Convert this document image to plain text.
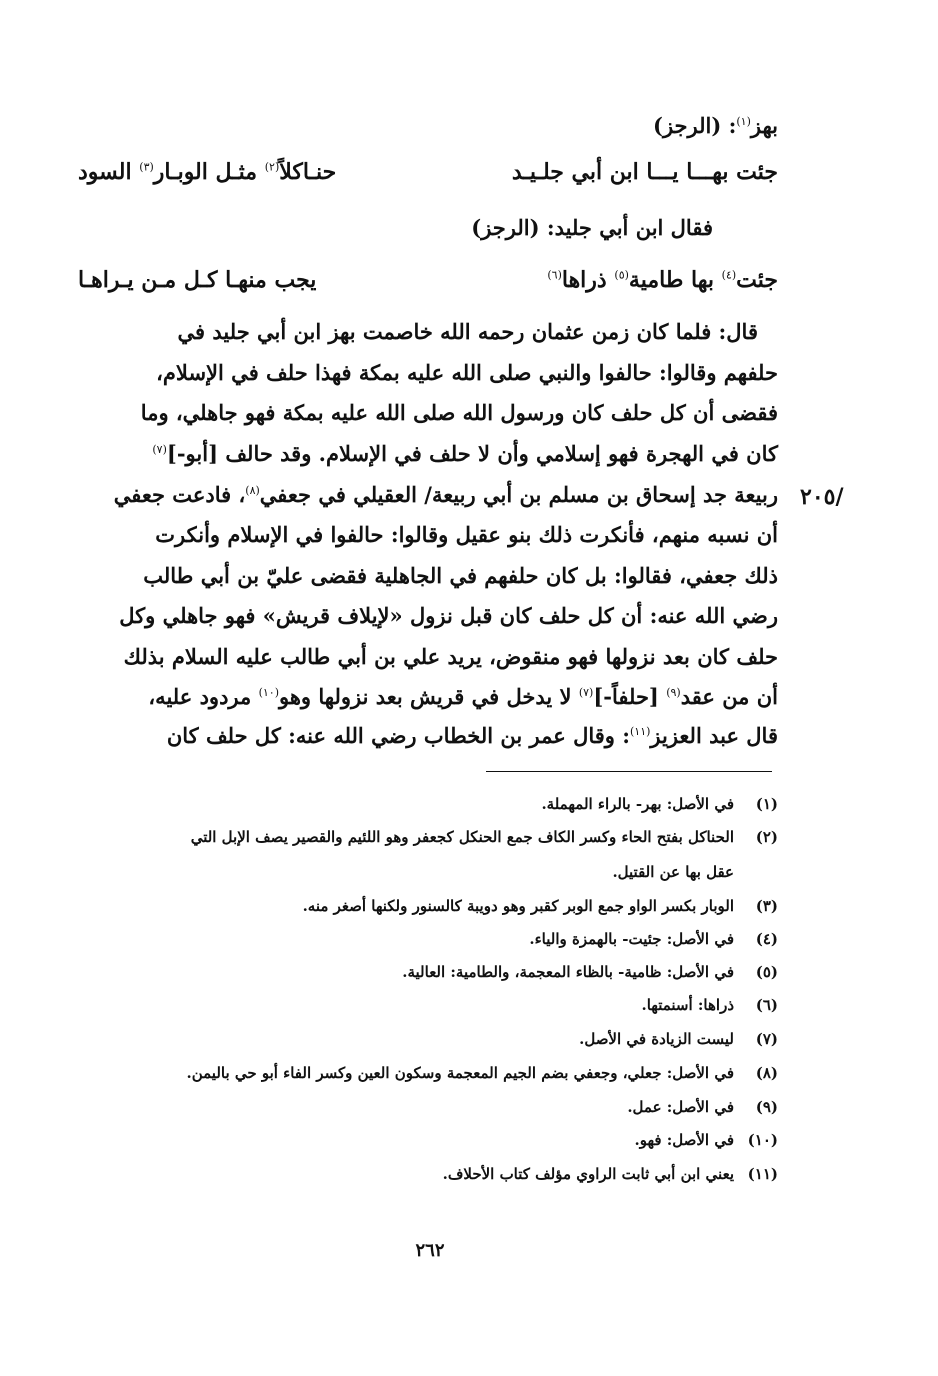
بهز$^{(١)}$: (الرجز)
جئت بهـــا يـــا ابن أبي جلـيـد
حنـاكلاً$^{(٢)}$ مثـل الوبـار$^{(٣)}$ السود
فقال ابن أبي جليد: (الرجز)
جئت$^{(٤)}$ بها طامية$^{(٥)}$ ذراها$^{(٦)}$
يجب منهـا كـل مـن يـراهـا
قال: فلما كان زمن عثمان رحمه الله خاصمت بهز ابن أبي جليد في
حلفهم وقالوا: حالفوا والنبي صلى الله عليه بمكة فهذا حلف في الإسلام،
فقضى أن كل حلف كان ورسول الله صلى الله عليه بمكة فهو جاهلي، وما
كان في الهجرة فهو إسلامي وأن لا حلف في الإسلام. وقد حالف [أبو-]$^{(٧)}$
ربيعة جد إسحاق بن مسلم بن أبي ربيعة/ العقيلي في جعفي$^{(٨)}$، فادعت جعفي
أن نسبه منهم، فأنكرت ذلك بنو عقيل وقالوا: حالفوا في الإسلام وأنكرت
ذلك جعفي، فقالوا: بل كان حلفهم في الجاهلية فقضى عليّ بن أبي طالب
رضي الله عنه: أن كل حلف كان قبل نزول «لإيلاف قريش» فهو جاهلي وكل
حلف كان بعد نزولها فهو منقوض، يريد علي بن أبي طالب عليه السلام بذلك
أن من عقد$^{(٩)}$ [حلفاً-]$^{(٧)}$ لا يدخل في قريش بعد نزولها وهو$^{(١٠)}$ مردود عليه،
قال عبد العزيز$^{(١١)}$: وقال عمر بن الخطاب رضي الله عنه: كل حلف كان
/٢٠٥
(١)في الأصل: بهر- بالراء المهملة.
(٢)الحناكل بفتح الحاء وكسر الكاف جمع الحنكل كجعفر وهو اللئيم والقصير يصف الإبل التي
عقل بها عن القتيل.
(٣)الوبار بكسر الواو جمع الوبر كقبر وهو دويبة كالسنور ولكنها أصغر منه.
(٤)في الأصل: جئيت- بالهمزة والياء.
(٥)في الأصل: ظامية- بالظاء المعجمة، والطامية: العالية.
(٦)ذراها: أسنمتها.
(٧)ليست الزيادة في الأصل.
(٨)في الأصل: جعلي، وجعفي بضم الجيم المعجمة وسكون العين وكسر الفاء أبو حي باليمن.
(٩)في الأصل: عمل.
(١٠)في الأصل: فهو.
(١١)يعني ابن أبي ثابت الراوي مؤلف كتاب الأحلاف.
٢٦٢
